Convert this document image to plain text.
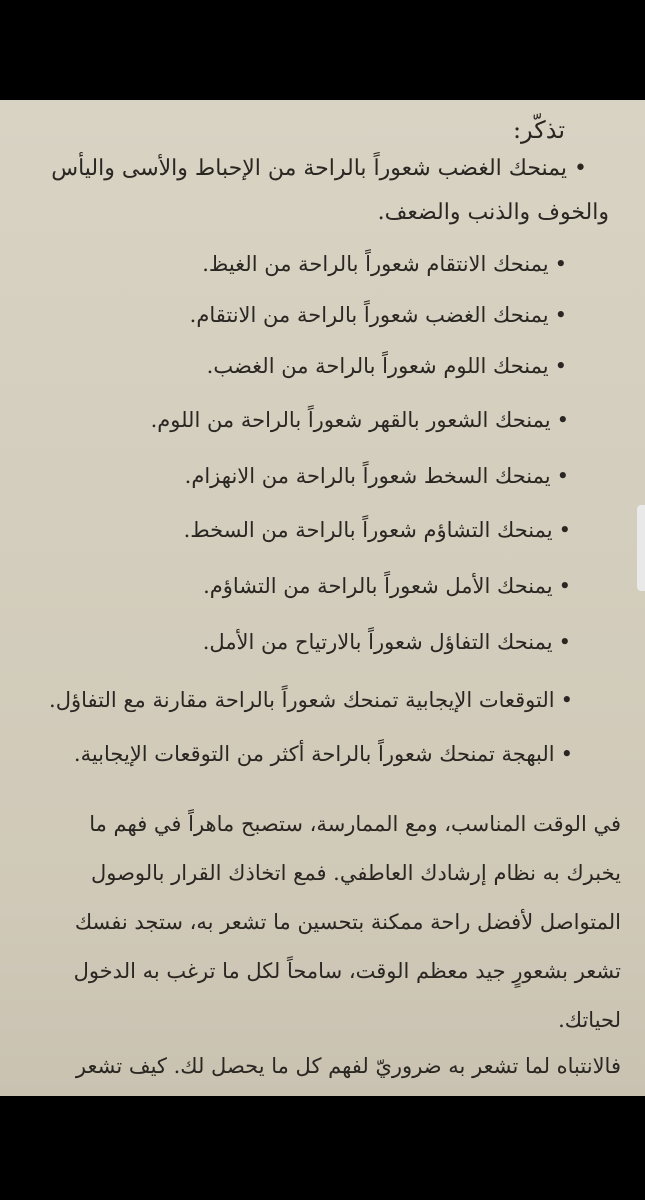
تذكّر:
• يمنحك الغضب شعوراً بالراحة من الإحباط والأسى واليأس
والخوف والذنب والضعف.
•يمنحك الانتقام شعوراً بالراحة من الغيظ.
•يمنحك الغضب شعوراً بالراحة من الانتقام.
•يمنحك اللوم شعوراً بالراحة من الغضب.
•يمنحك الشعور بالقهر شعوراً بالراحة من اللوم.
•يمنحك السخط شعوراً بالراحة من الانهزام.
•يمنحك التشاؤم شعوراً بالراحة من السخط.
•يمنحك الأمل شعوراً بالراحة من التشاؤم.
•يمنحك التفاؤل شعوراً بالارتياح من الأمل.
•التوقعات الإيجابية تمنحك شعوراً بالراحة مقارنة مع التفاؤل.
•البهجة تمنحك شعوراً بالراحة أكثر من التوقعات الإيجابية.
في الوقت المناسب، ومع الممارسة، ستصبح ماهراً في فهم ما
يخبرك به نظام إرشادك العاطفي. فمع اتخاذك القرار بالوصول
المتواصل لأفضل راحة ممكنة بتحسين ما تشعر به، ستجد نفسك
تشعر بشعورٍ جيد معظم الوقت، سامحاً لكل ما ترغب به الدخول
لحياتك.
فالانتباه لما تشعر به ضروريّ لفهم كل ما يحصل لك. كيف تشعر
